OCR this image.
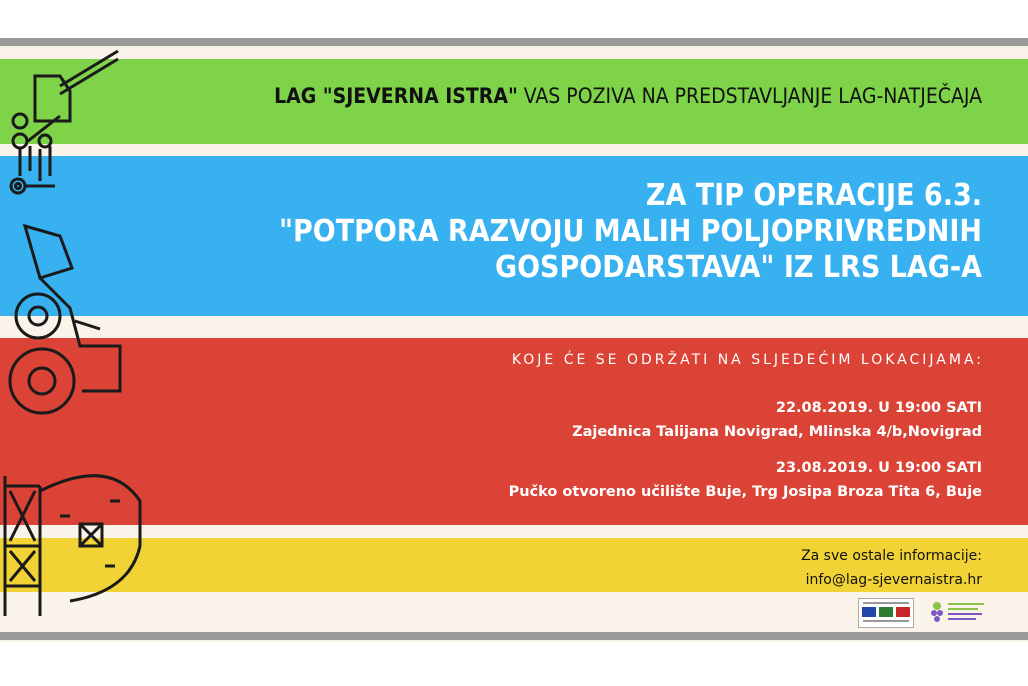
LAG "SJEVERNA ISTRA" VAS POZIVA NA PREDSTAVLJANJE LAG-NATJEČAJA
ZA TIP OPERACIJE 6.3.
"POTPORA RAZVOJU MALIH POLJOPRIVREDNIH
GOSPODARSTAVA" IZ LRS LAG-A
KOJE ĆE SE ODRŽATI NA SLJEDEĆIM LOKACIJAMA:
22.08.2019. U 19:00 SATI
Zajednica Talijana Novigrad, Mlinska 4/b,Novigrad
23.08.2019. U 19:00 SATI
Pučko otvoreno učilište Buje, Trg Josipa Broza Tita 6, Buje
Za sve ostale informacije:
info@lag-sjevernaistra.hr
